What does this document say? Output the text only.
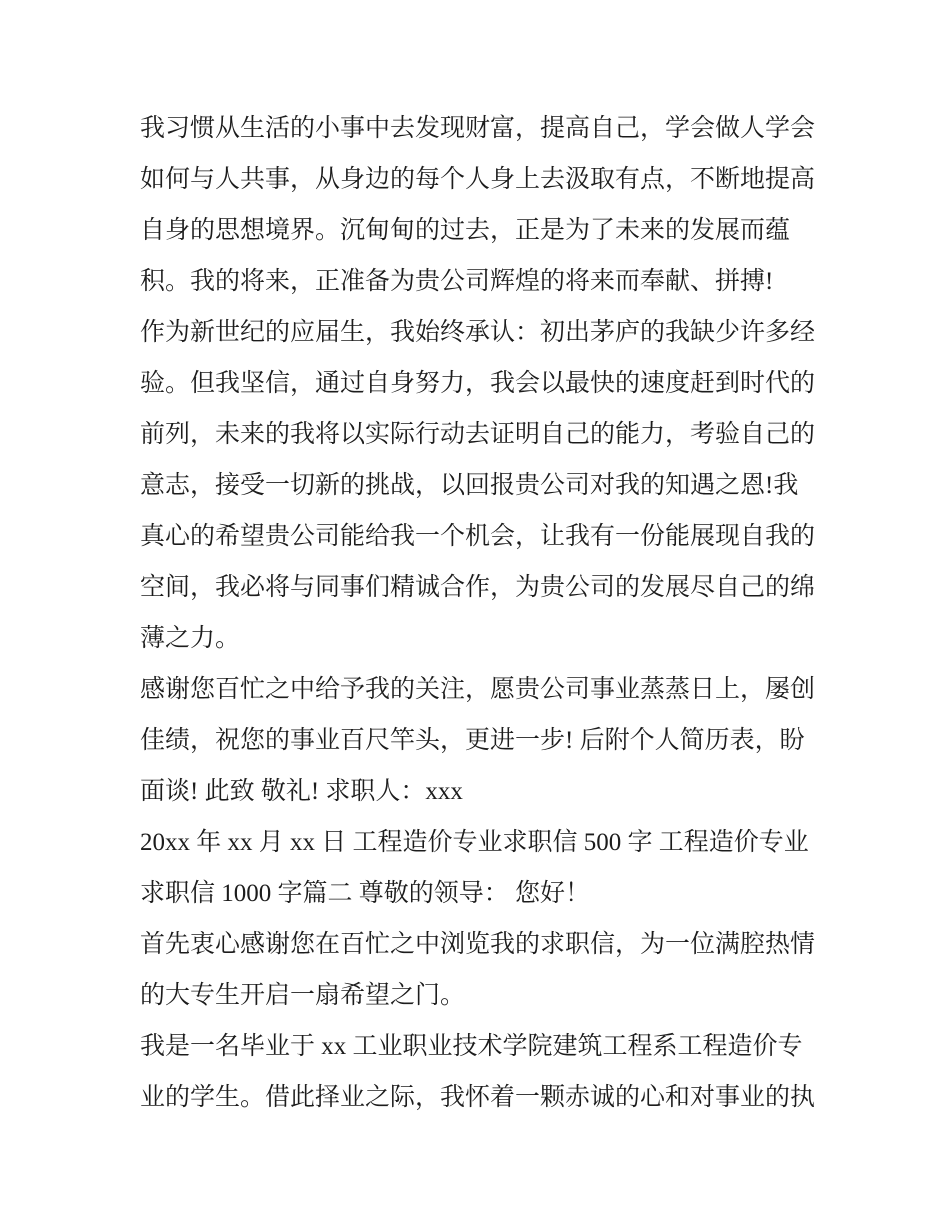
我习惯从生活的小事中去发现财富，提高自己，学会做人学会
如何与人共事，从身边的每个人身上去汲取有点，不断地提高
自身的思想境界。沉甸甸的过去，正是为了未来的发展而蕴
积。我的将来，正准备为贵公司辉煌的将来而奉献、拼搏!
作为新世纪的应届生，我始终承认：初出茅庐的我缺少许多经
验。但我坚信，通过自身努力，我会以最快的速度赶到时代的
前列，未来的我将以实际行动去证明自己的能力，考验自己的
意志，接受一切新的挑战，以回报贵公司对我的知遇之恩!我
真心的希望贵公司能给我一个机会，让我有一份能展现自我的
空间，我必将与同事们精诚合作，为贵公司的发展尽自己的绵
薄之力。
感谢您百忙之中给予我的关注，愿贵公司事业蒸蒸日上，屡创
佳绩，祝您的事业百尺竿头，更进一步! 后附个人简历表，盼
面谈! 此致 敬礼! 求职人：xxx
20xx 年 xx 月 xx 日 工程造价专业求职信 500 字 工程造价专业
求职信 1000 字篇二 尊敬的领导： 您好！
首先衷心感谢您在百忙之中浏览我的求职信，为一位满腔热情
的大专生开启一扇希望之门。
我是一名毕业于 xx 工业职业技术学院建筑工程系工程造价专
业的学生。借此择业之际，我怀着一颗赤诚的心和对事业的执
